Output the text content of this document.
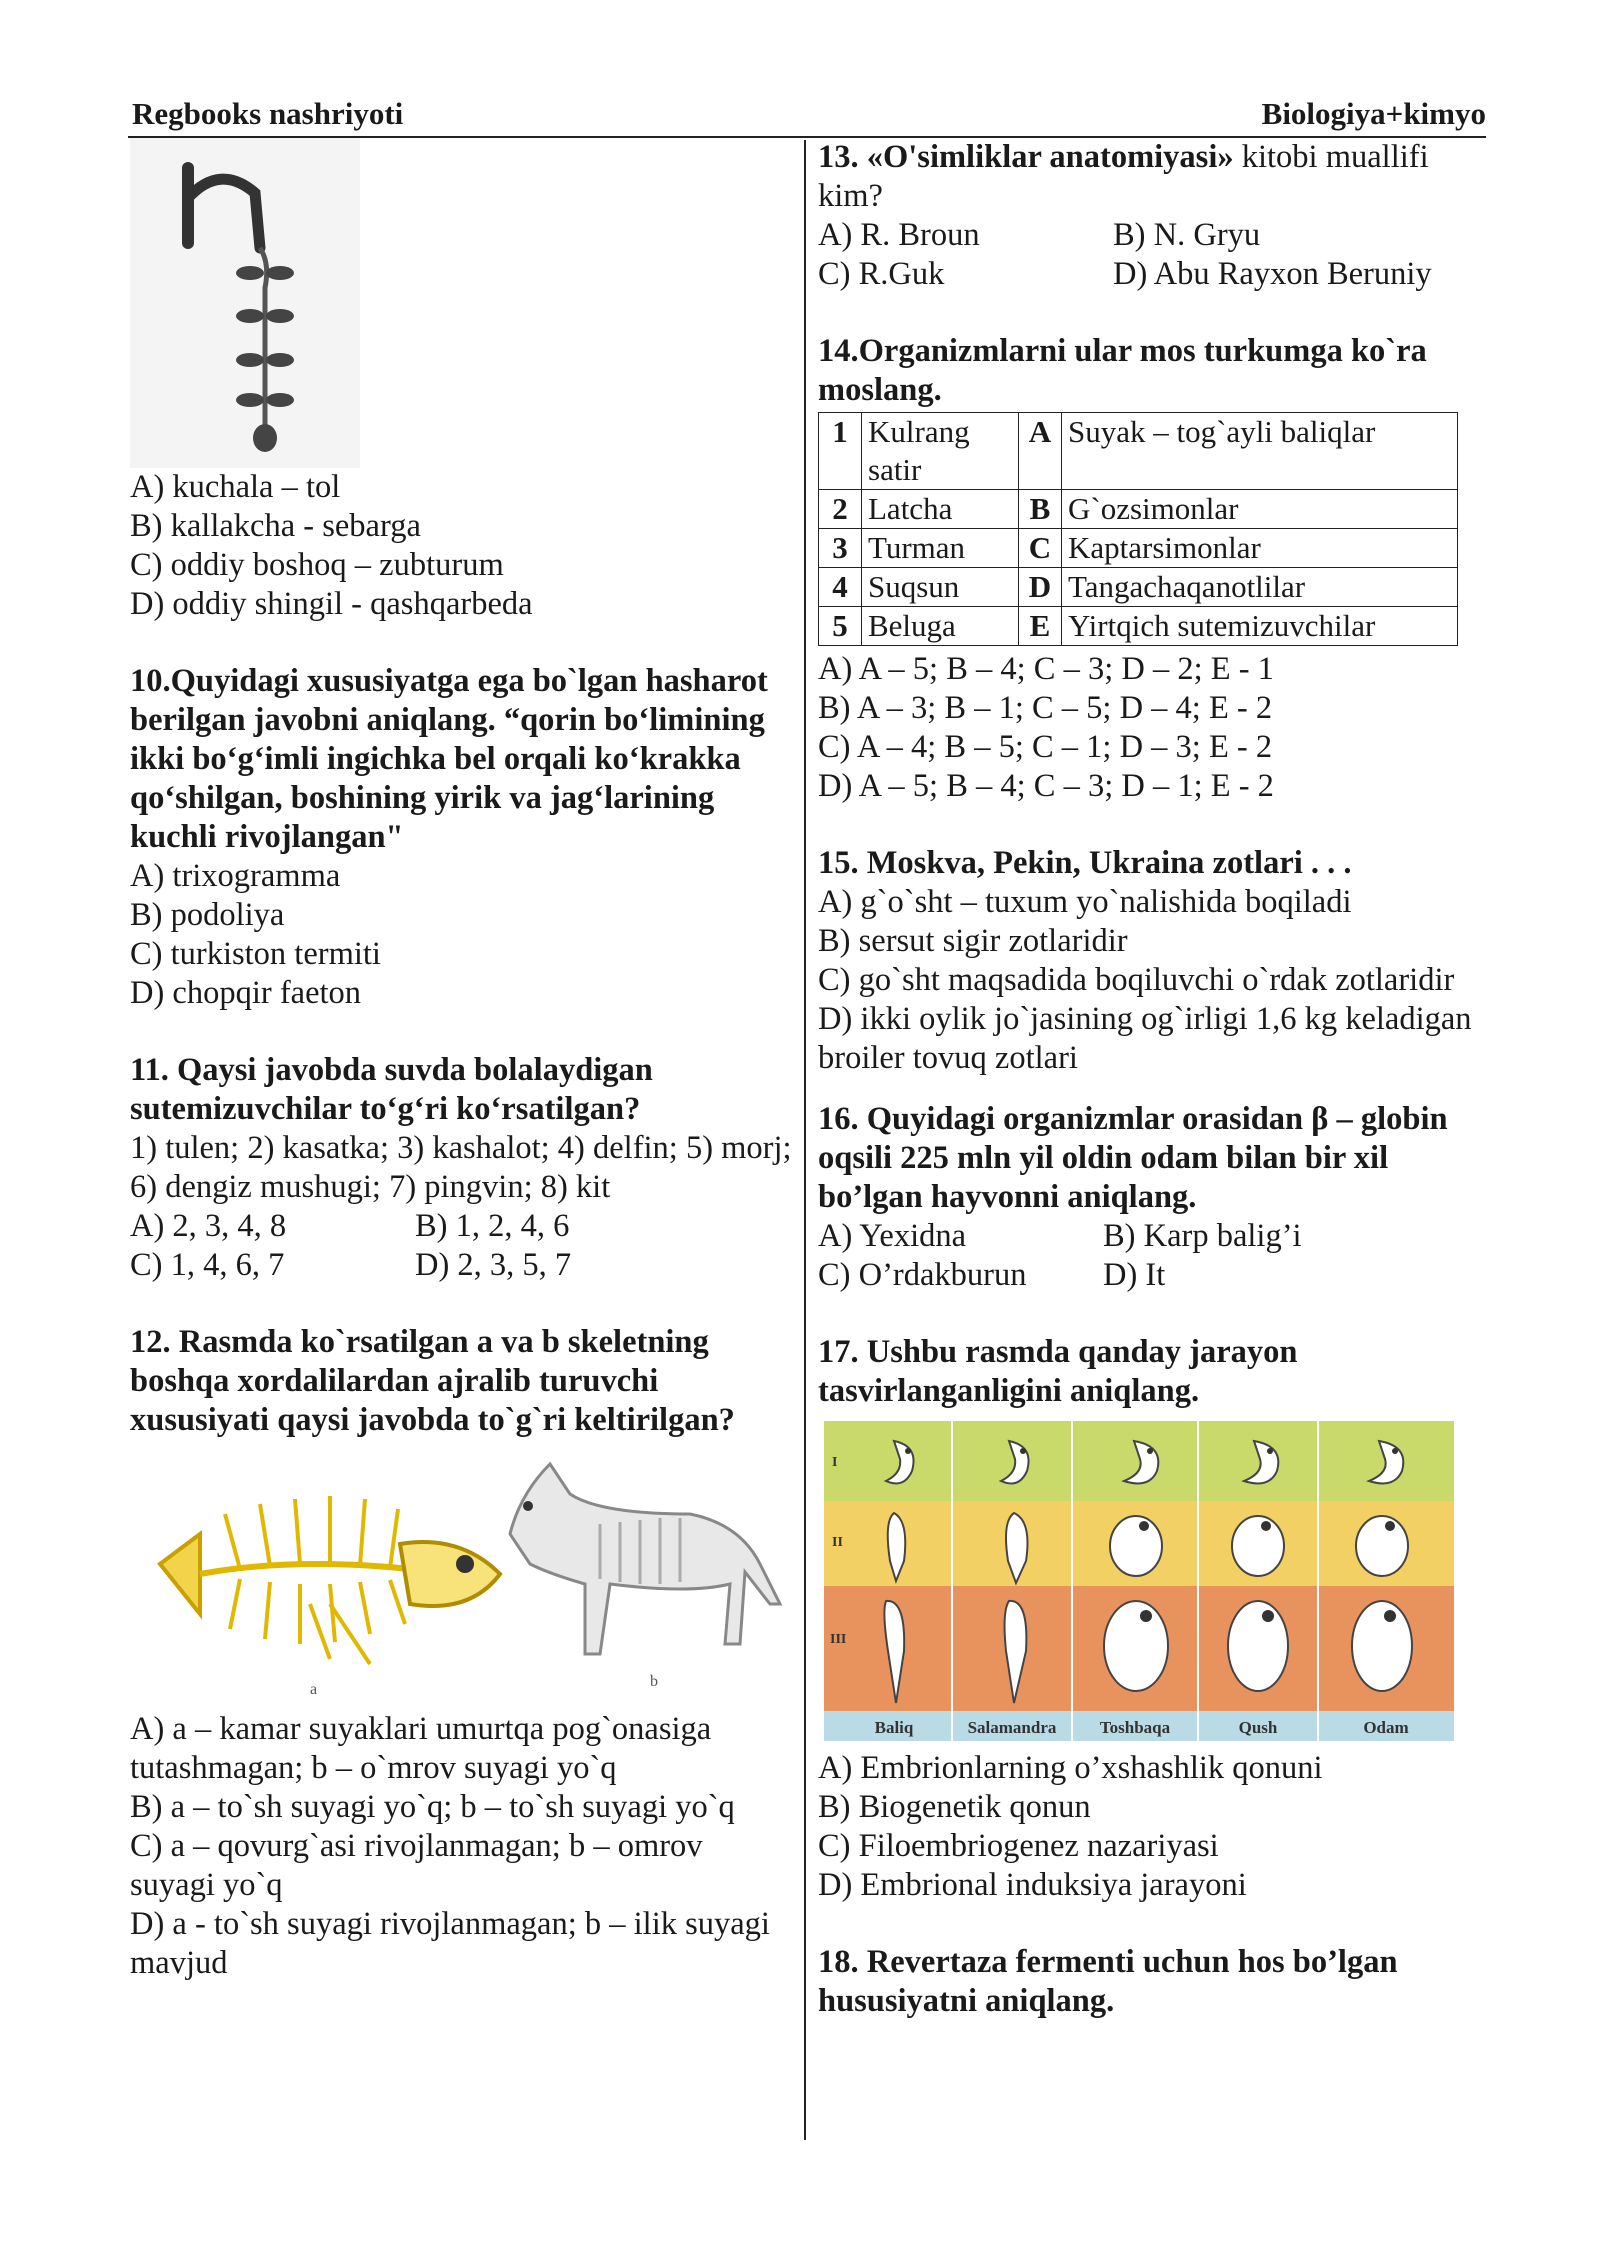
Regbooks nashriyoti	Biologiya+kimyo
A) kuchala – tol
B) kallakcha - sebarga
C) oddiy boshoq – zubturum
D) oddiy shingil - qashqarbeda
10.Quyidagi xususiyatga ega bo`lgan hasharot berilgan javobni aniqlang. “qorin bo‘limining ikki bo‘g‘imli ingichka bel orqali ko‘krakka qo‘shilgan, boshining yirik va jag‘larining kuchli rivojlangan"
A) trixogramma
B) podoliya
C) turkiston termiti
D) chopqir faeton
11. Qaysi javobda suvda bolalaydigan sutemizuvchilar to‘g‘ri ko‘rsatilgan?
1) tulen; 2) kasatka; 3) kashalot; 4) delfin; 5) morj; 6) dengiz mushugi; 7) pingvin; 8) kit
A) 2, 3, 4, 8	B) 1, 2, 4, 6
C) 1, 4, 6, 7	D) 2, 3, 5, 7
12. Rasmda ko`rsatilgan a va b skeletning boshqa xordalilardan ajralib turuvchi xususiyati qaysi javobda to`g`ri keltirilgan?
a	b
A) a – kamar suyaklari umurtqa pog`onasiga tutashmagan; b – o`mrov suyagi yo`q
B) a – to`sh suyagi yo`q; b – to`sh suyagi yo`q
C) a – qovurg`asi rivojlanmagan; b – omrov suyagi yo`q
D) a - to`sh suyagi rivojlanmagan; b – ilik suyagi mavjud
13. «O'simliklar anatomiyasi» kitobi muallifi kim?
A) R. Broun	B) N. Gryu
C) R.Guk	D) Abu Rayxon Beruniy
14.Organizmlarni ular mos turkumga ko`ra moslang.
1	Kulrang satir	A	Suyak – tog`ayli baliqlar
2	Latcha	B	G`ozsimonlar
3	Turman	C	Kaptarsimonlar
4	Suqsun	D	Tangachaqanotlilar
5	Beluga	E	Yirtqich sutemizuvchilar
A) A – 5; B – 4; C – 3; D – 2; E - 1
B) A – 3; B – 1; C – 5; D – 4; E - 2
C) A – 4; B – 5; C – 1; D – 3; E - 2
D) A – 5; B – 4; C – 3; D – 1; E - 2
15. Moskva, Pekin, Ukraina zotlari . . .
A) g`o`sht – tuxum yo`nalishida boqiladi
B) sersut sigir zotlaridir
C) go`sht maqsadida boqiluvchi o`rdak zotlaridir
D) ikki oylik jo`jasining og`irligi 1,6 kg keladigan broiler tovuq zotlari
16. Quyidagi organizmlar orasidan β – globin oqsili 225 mln yil oldin odam bilan bir xil bo’lgan hayvonni aniqlang.
A) Yexidna	B) Karp balig’i
C) O’rdakburun	D) It
17. Ushbu rasmda qanday jarayon tasvirlanganligini aniqlang.
I
II
III
Baliq	Salamandra	Toshbaqa	Qush	Odam
A) Embrionlarning o’xshashlik qonuni
B) Biogenetik qonun
C) Filoembriogenez nazariyasi
D) Embrional induksiya jarayoni
18. Revertaza fermenti uchun hos bo’lgan hususiyatni aniqlang.
